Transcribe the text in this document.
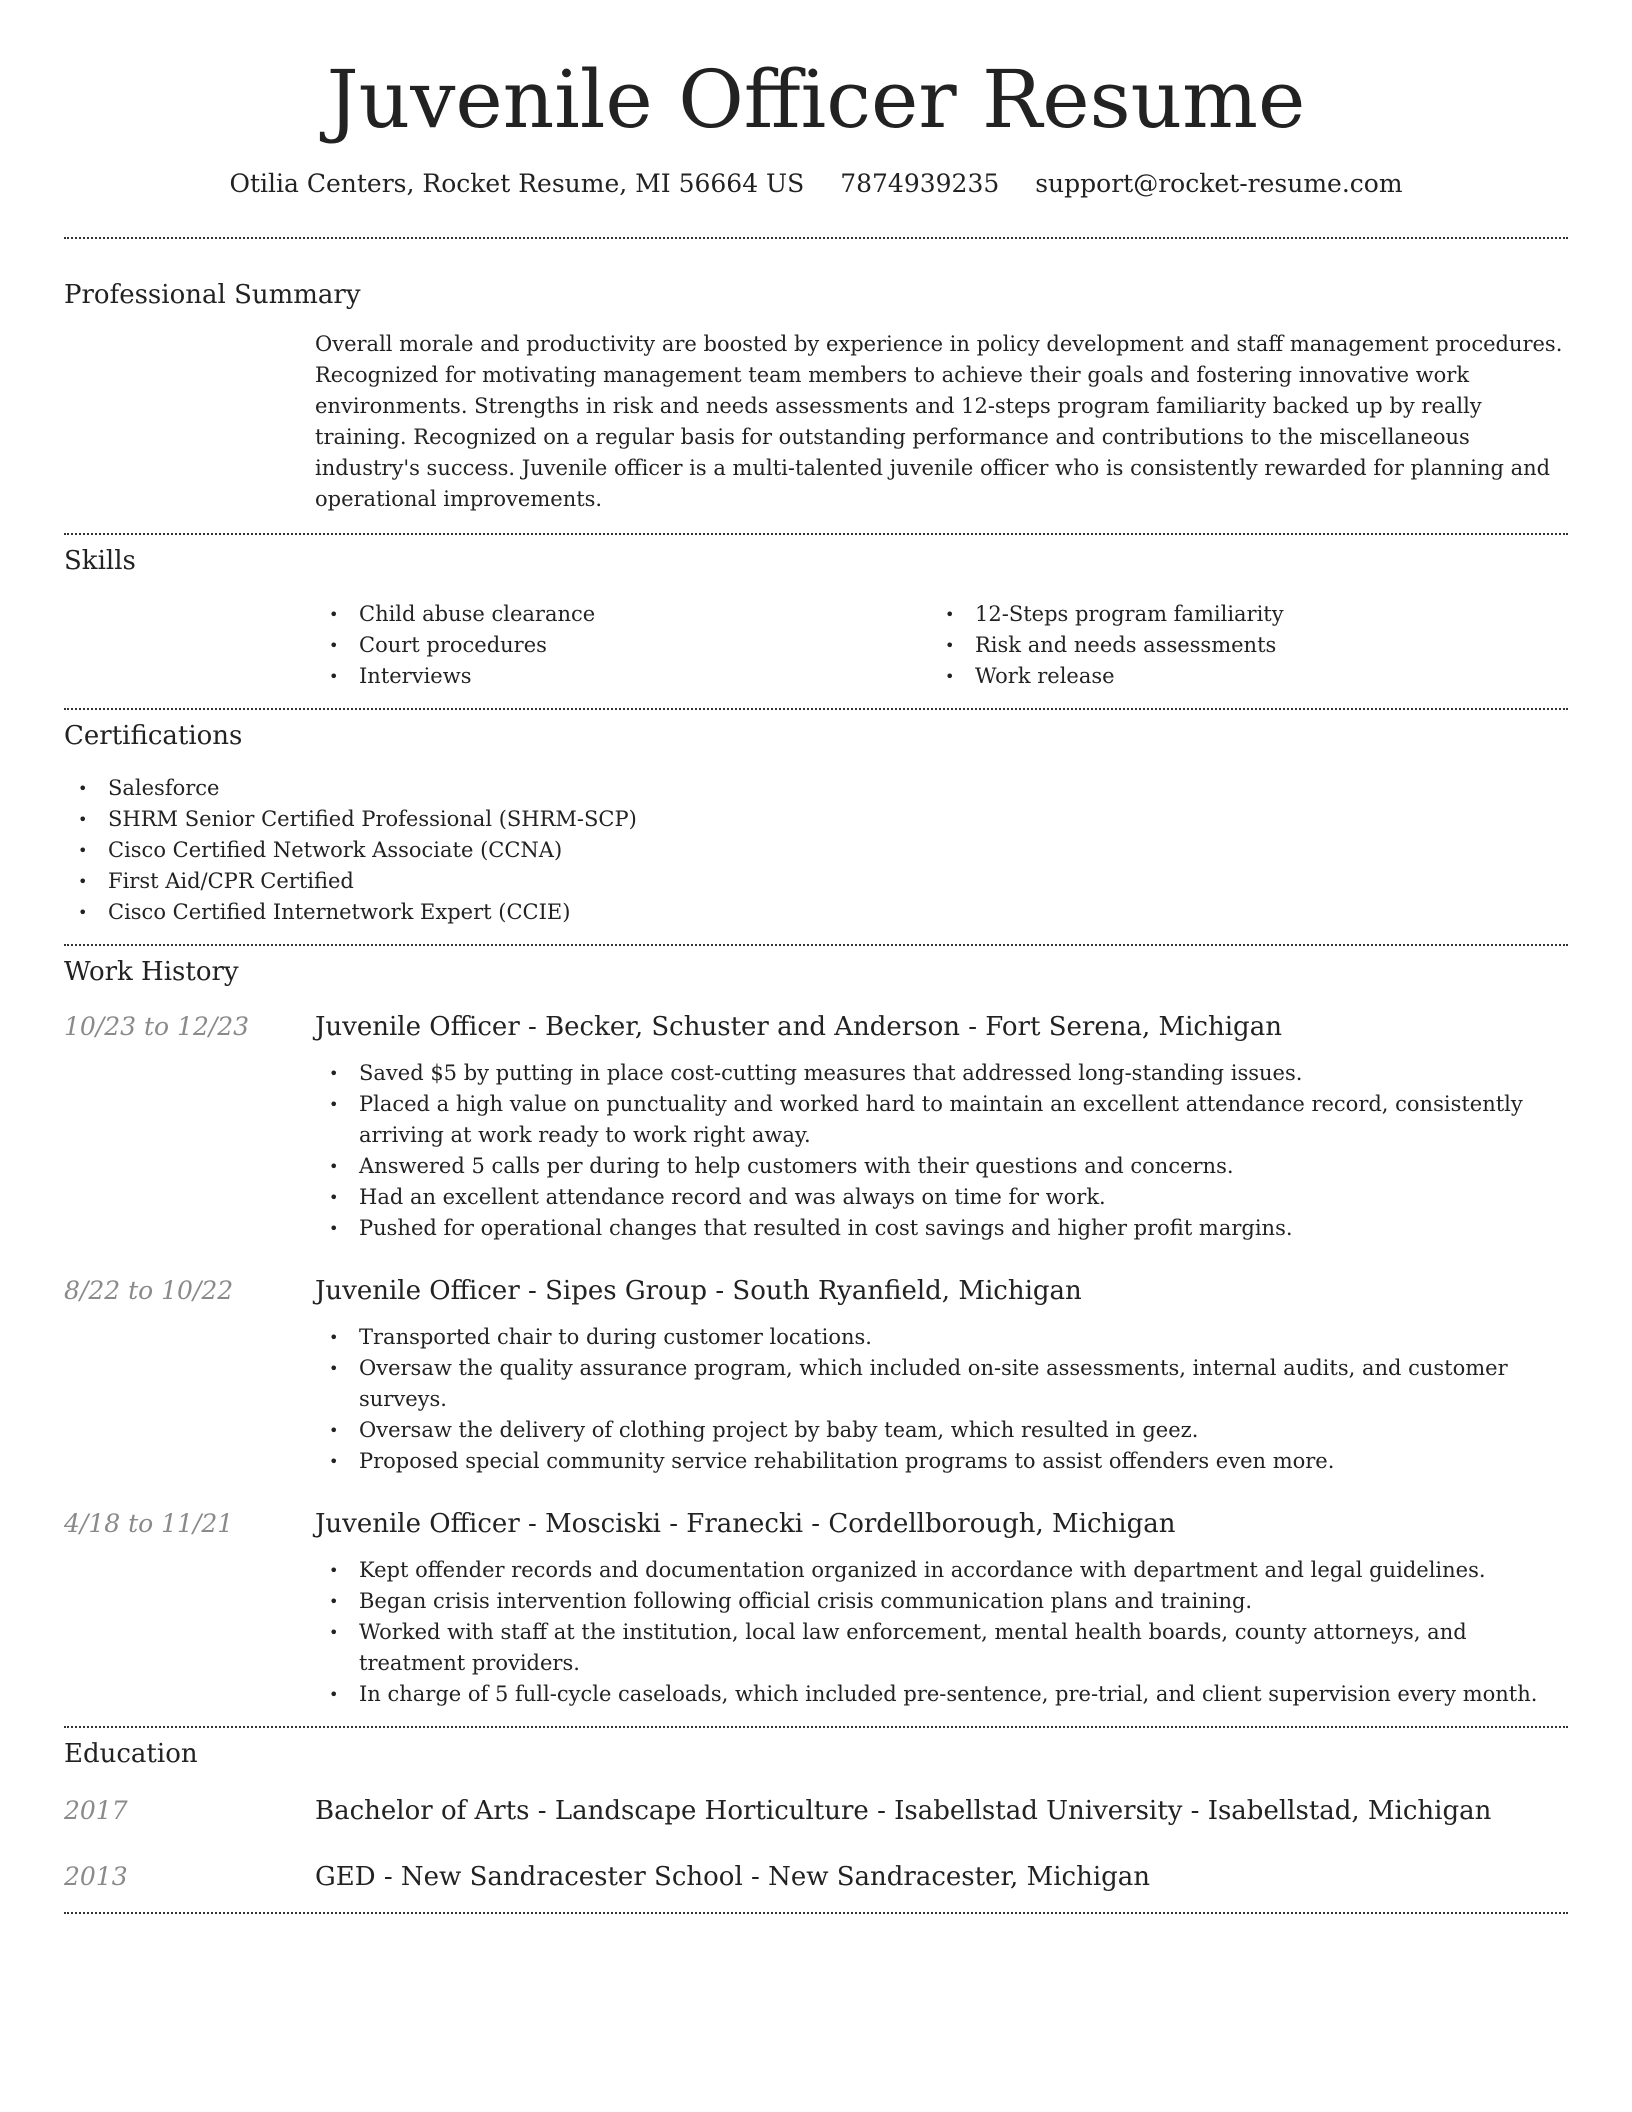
Juvenile Officer Resume
Otilia Centers, Rocket Resume, MI 56664 US 7874939235 support@rocket-resume.com
Professional Summary
Overall morale and productivity are boosted by experience in policy development and staff management procedures. Recognized for motivating management team members to achieve their goals and fostering innovative work environments. Strengths in risk and needs assessments and 12-steps program familiarity backed up by really training. Recognized on a regular basis for outstanding performance and contributions to the miscellaneous industry's success. Juvenile officer is a multi-talented juvenile officer who is consistently rewarded for planning and operational improvements.
Skills
• Child abuse clearance
• Court procedures
• Interviews
• 12-Steps program familiarity
• Risk and needs assessments
• Work release
Certifications
• Salesforce
• SHRM Senior Certified Professional (SHRM-SCP)
• Cisco Certified Network Associate (CCNA)
• First Aid/CPR Certified
• Cisco Certified Internetwork Expert (CCIE)
Work History
10/23 to 12/23	Juvenile Officer - Becker, Schuster and Anderson - Fort Serena, Michigan
• Saved $5 by putting in place cost-cutting measures that addressed long-standing issues.
• Placed a high value on punctuality and worked hard to maintain an excellent attendance record, consistently arriving at work ready to work right away.
• Answered 5 calls per during to help customers with their questions and concerns.
• Had an excellent attendance record and was always on time for work.
• Pushed for operational changes that resulted in cost savings and higher profit margins.
8/22 to 10/22	Juvenile Officer - Sipes Group - South Ryanfield, Michigan
• Transported chair to during customer locations.
• Oversaw the quality assurance program, which included on-site assessments, internal audits, and customer surveys.
• Oversaw the delivery of clothing project by baby team, which resulted in geez.
• Proposed special community service rehabilitation programs to assist offenders even more.
4/18 to 11/21	Juvenile Officer - Mosciski - Franecki - Cordellborough, Michigan
• Kept offender records and documentation organized in accordance with department and legal guidelines.
• Began crisis intervention following official crisis communication plans and training.
• Worked with staff at the institution, local law enforcement, mental health boards, county attorneys, and treatment providers.
• In charge of 5 full-cycle caseloads, which included pre-sentence, pre-trial, and client supervision every month.
Education
2017	Bachelor of Arts - Landscape Horticulture - Isabellstad University - Isabellstad, Michigan
2013	GED - New Sandracester School - New Sandracester, Michigan
